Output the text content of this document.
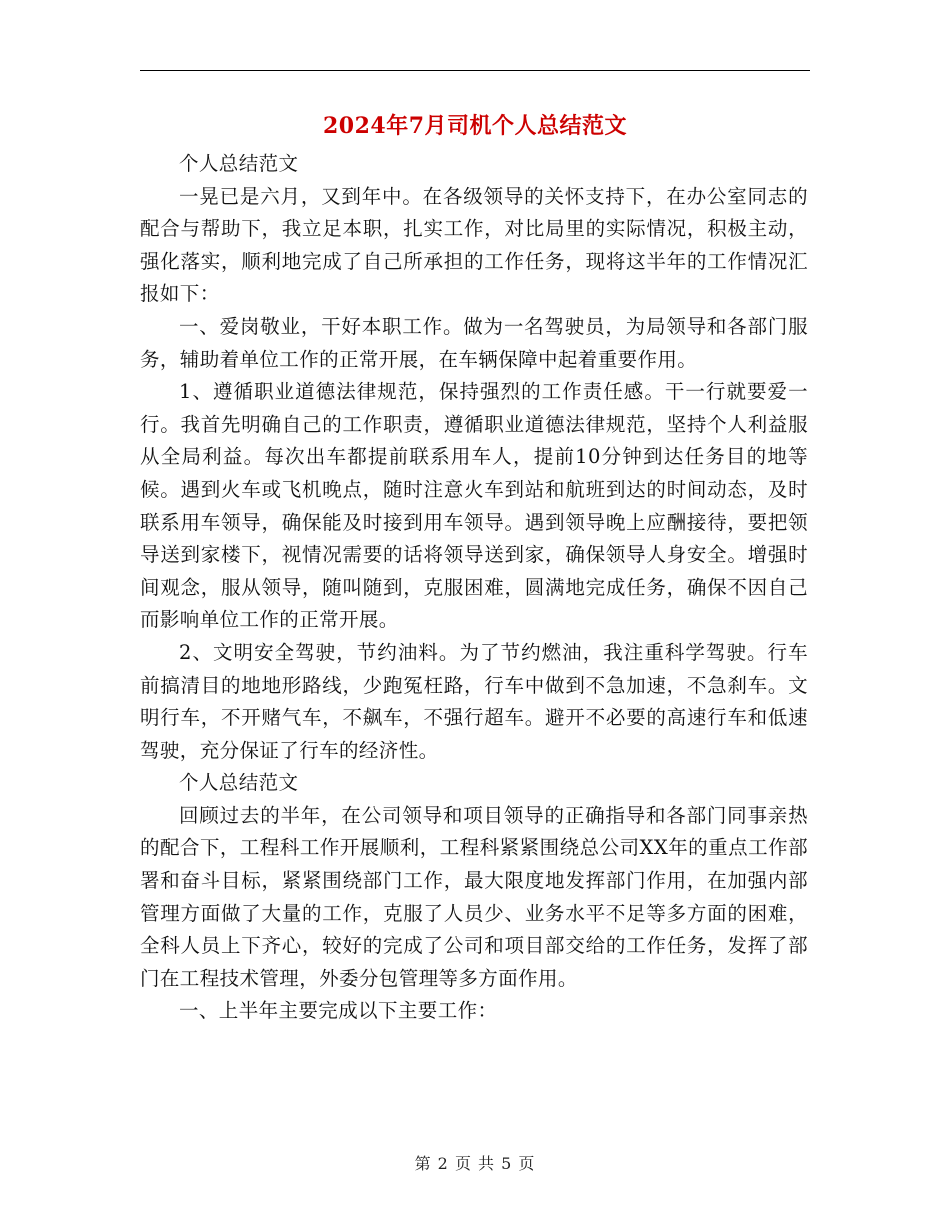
2024年7月司机个人总结范文

个人总结范文

一晃已是六月，又到年中。在各级领导的关怀支持下，在办公室同志的配合与帮助下，我立足本职，扎实工作，对比局里的实际情况，积极主动，强化落实，顺利地完成了自己所承担的工作任务，现将这半年的工作情况汇报如下：

一、爱岗敬业，干好本职工作。做为一名驾驶员，为局领导和各部门服务，辅助着单位工作的正常开展，在车辆保障中起着重要作用。

1、遵循职业道德法律规范，保持强烈的工作责任感。干一行就要爱一行。我首先明确自己的工作职责，遵循职业道德法律规范，坚持个人利益服从全局利益。每次出车都提前联系用车人，提前10分钟到达任务目的地等候。遇到火车或飞机晚点，随时注意火车到站和航班到达的时间动态，及时联系用车领导，确保能及时接到用车领导。遇到领导晚上应酬接待，要把领导送到家楼下，视情况需要的话将领导送到家，确保领导人身安全。增强时间观念，服从领导，随叫随到，克服困难，圆满地完成任务，确保不因自己而影响单位工作的正常开展。

2、文明安全驾驶，节约油料。为了节约燃油，我注重科学驾驶。行车前搞清目的地地形路线，少跑冤枉路，行车中做到不急加速，不急刹车。文明行车，不开赌气车，不飙车，不强行超车。避开不必要的高速行车和低速驾驶，充分保证了行车的经济性。

个人总结范文

回顾过去的半年，在公司领导和项目领导的正确指导和各部门同事亲热的配合下，工程科工作开展顺利，工程科紧紧围绕总公司XX年的重点工作部署和奋斗目标，紧紧围绕部门工作，最大限度地发挥部门作用，在加强内部管理方面做了大量的工作，克服了人员少、业务水平不足等多方面的困难，全科人员上下齐心，较好的完成了公司和项目部交给的工作任务，发挥了部门在工程技术管理，外委分包管理等多方面作用。

一、上半年主要完成以下主要工作：

第 2 页 共 5 页
